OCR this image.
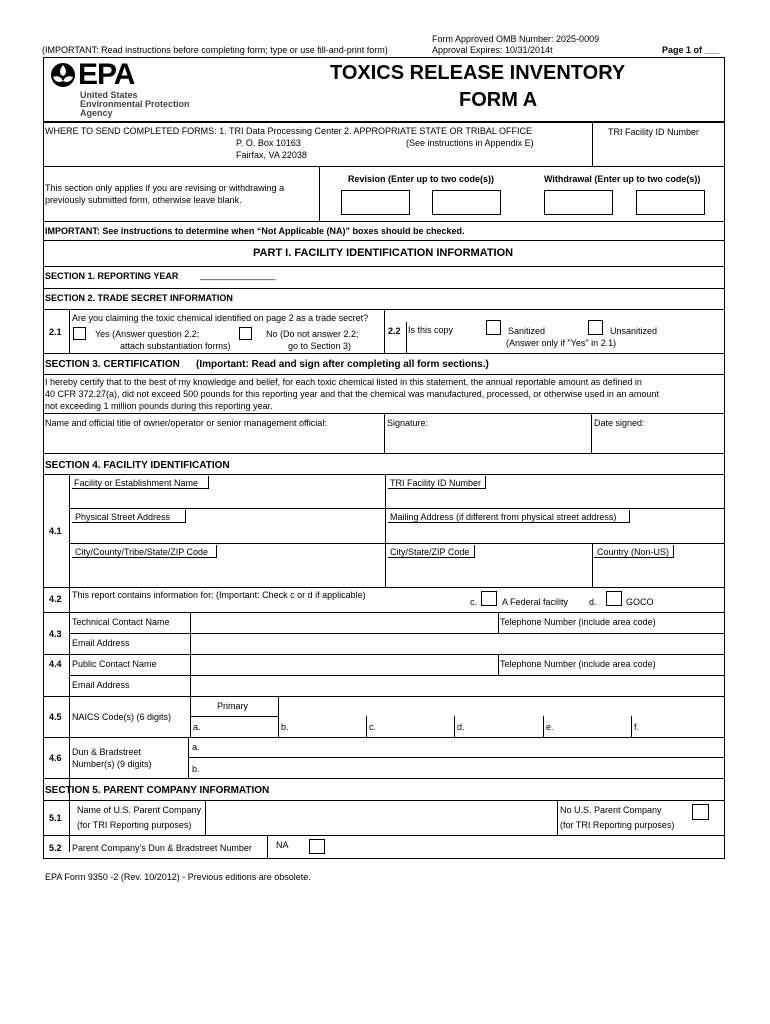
(IMPORTANT: Read instructions before completing form; type or use fill-and-print form)
Form Approved OMB Number: 2025-0009
Approval Expires: 10/31/2014t	Page 1 of ___
EPA
United States
Environmental Protection
Agency
TOXICS RELEASE INVENTORY
FORM A
WHERE TO SEND COMPLETED FORMS: 1. TRI Data Processing Center
P. O. Box 10163
Fairfax, VA 22038
2. APPROPRIATE STATE OR TRIBAL OFFICE
(See instructions in Appendix E)
TRI Facility ID Number
This section only applies if you are revising or withdrawing a
previously submitted form, otherwise leave blank.
Revision (Enter up to two code(s))	Withdrawal (Enter up to two code(s))
IMPORTANT: See instructions to determine when “Not Applicable (NA)” boxes should be checked.
PART I. FACILITY IDENTIFICATION INFORMATION
SECTION 1. REPORTING YEAR _______________
SECTION 2. TRADE SECRET INFORMATION
2.1
Are you claiming the toxic chemical identified on page 2 as a trade secret?
Yes (Answer question 2.2;
attach substantiation forms)
No (Do not answer 2.2;
go to Section 3)
2.2 Is this copy	Sanitized	Unsanitized
(Answer only if "Yes" in 2.1)
SECTION 3. CERTIFICATION (Important: Read and sign after completing all form sections.)
I hereby certify that to the best of my knowledge and belief, for each toxic chemical listed in this statement, the annual reportable amount as defined in
40 CFR 372.27(a), did not exceed 500 pounds for this reporting year and that the chemical was manufactured, processed, or otherwise used in an amount
not exceeding 1 million pounds during this reporting year.
Name and official title of owner/operator or senior management official:	Signature:	Date signed:
SECTION 4. FACILITY IDENTIFICATION
4.1
Facility or Establishment Name	TRI Facility ID Number
Physical Street Address	Mailing Address (if different from physical street address)
City/County/Tribe/State/ZIP Code	City/State/ZIP Code	Country (Non-US)
4.2 This report contains information for: (Important: Check c or d if applicable)
c.	A Federal facility d.	GOCO
4.3
Technical Contact Name	Telephone Number (include area code)
Email Address
4.4 Public Contact Name	Telephone Number (include area code)
Email Address
4.5 NAICS Code(s) (6 digits)
Primary
a.	b.	c.	d.	e.	f.
4.6
Dun & Bradstreet
Number(s) (9 digits)
a.
b.
SECTION 5. PARENT COMPANY INFORMATION
5.1
Name of U.S. Parent Company
(for TRI Reporting purposes)
No U.S. Parent Company
(for TRI Reporting purposes)
5.2 Parent Company’s Dun & Bradstreet Number	NA
EPA Form 9350 -2 (Rev. 10/2012) - Previous editions are obsolete.
